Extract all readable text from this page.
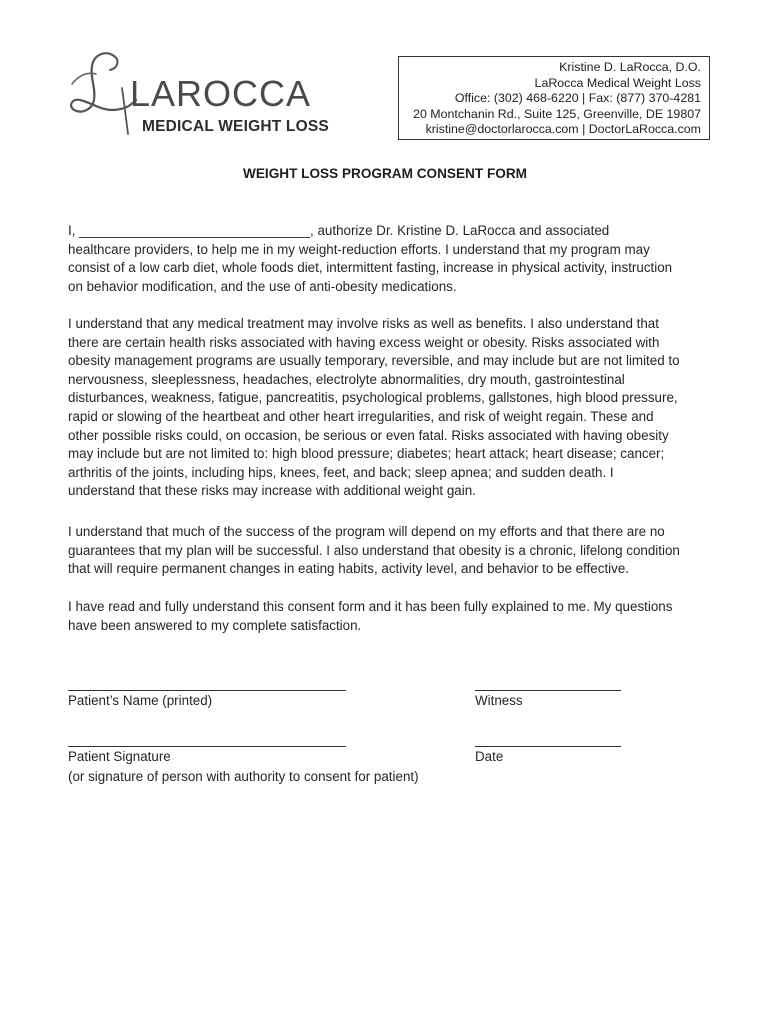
LAROCCA
MEDICAL WEIGHT LOSS
Kristine D. LaRocca, D.O.
LaRocca Medical Weight Loss
Office: (302) 468-6220 | Fax: (877) 370-4281
20 Montchanin Rd., Suite 125, Greenville, DE 19807
kristine@doctorlarocca.com | DoctorLaRocca.com
WEIGHT LOSS PROGRAM CONSENT FORM
I, _______________________________, authorize Dr. Kristine D. LaRocca and associated
healthcare providers, to help me in my weight-reduction efforts. I understand that my program may
consist of a low carb diet, whole foods diet, intermittent fasting, increase in physical activity, instruction
on behavior modification, and the use of anti-obesity medications.
I understand that any medical treatment may involve risks as well as benefits. I also understand that
there are certain health risks associated with having excess weight or obesity. Risks associated with
obesity management programs are usually temporary, reversible, and may include but are not limited to
nervousness, sleeplessness, headaches, electrolyte abnormalities, dry mouth, gastrointestinal
disturbances, weakness, fatigue, pancreatitis, psychological problems, gallstones, high blood pressure,
rapid or slowing of the heartbeat and other heart irregularities, and risk of weight regain. These and
other possible risks could, on occasion, be serious or even fatal. Risks associated with having obesity
may include but are not limited to: high blood pressure; diabetes; heart attack; heart disease; cancer;
arthritis of the joints, including hips, knees, feet, and back; sleep apnea; and sudden death. I
understand that these risks may increase with additional weight gain.
I understand that much of the success of the program will depend on my efforts and that there are no
guarantees that my plan will be successful. I also understand that obesity is a chronic, lifelong condition
that will require permanent changes in eating habits, activity level, and behavior to be effective.
I have read and fully understand this consent form and it has been fully explained to me. My questions
have been answered to my complete satisfaction.
Patient’s Name (printed)	Witness
Patient Signature
(or signature of person with authority to consent for patient)
Date
